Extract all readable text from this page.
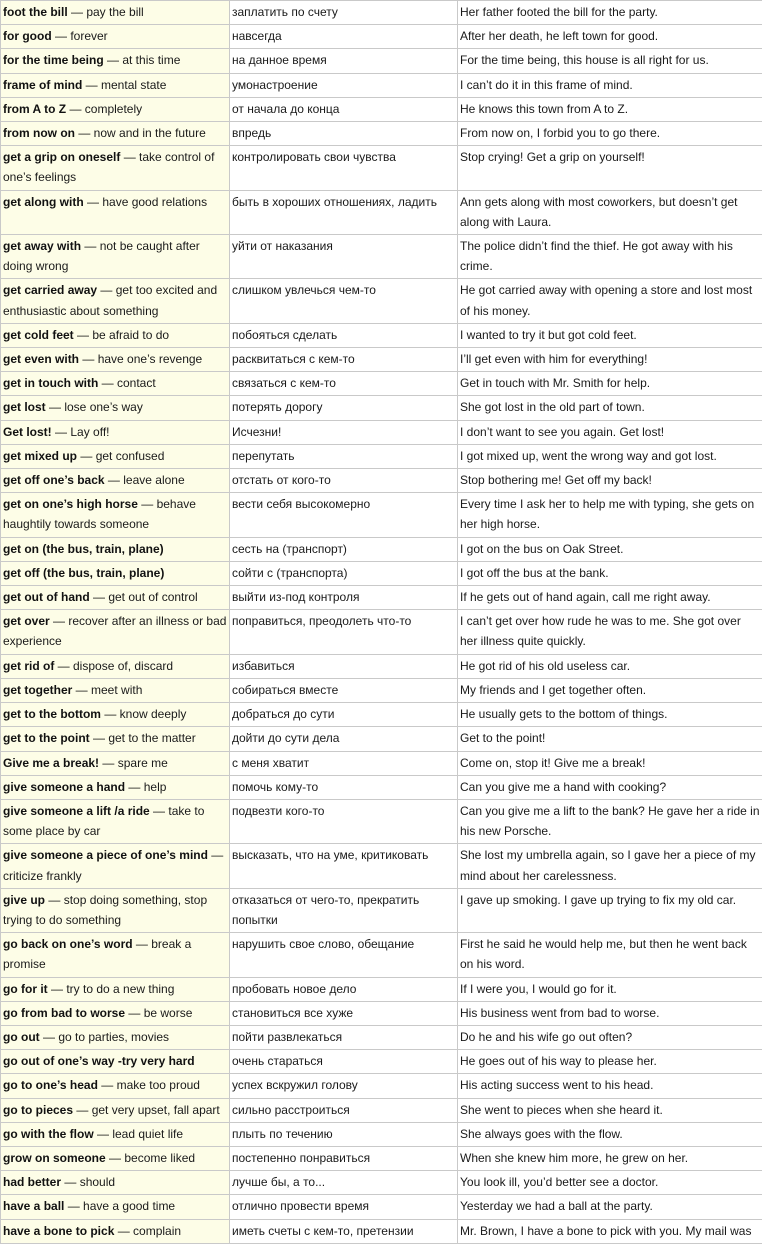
foot the bill — pay the bill	заплатить по счету	Her father footed the bill for the party.
for good — forever	навсегда	After her death, he left town for good.
for the time being — at this time	на данное время	For the time being, this house is all right for us.
frame of mind — mental state	умонастроение	I can’t do it in this frame of mind.
from A to Z — completely	от начала до конца	He knows this town from A to Z.
from now on — now and in the future	впредь	From now on, I forbid you to go there.
get a grip on oneself — take control of one’s feelings	контролировать свои чувства	Stop crying! Get a grip on yourself!
get along with — have good relations	быть в хороших отношениях, ладить	Ann gets along with most coworkers, but doesn’t get along with Laura.
get away with — not be caught after doing wrong	уйти от наказания	The police didn’t find the thief. He got away with his crime.
get carried away — get too excited and enthusiastic about something	слишком увлечься чем-то	He got carried away with opening a store and lost most of his money.
get cold feet — be afraid to do	побояться сделать	I wanted to try it but got cold feet.
get even with — have one’s revenge	расквитаться с кем-то	I’ll get even with him for everything!
get in touch with — contact	связаться с кем-то	Get in touch with Mr. Smith for help.
get lost — lose one’s way	потерять дорогу	She got lost in the old part of town.
Get lost! — Lay off!	Исчезни!	I don’t want to see you again. Get lost!
get mixed up — get confused	перепутать	I got mixed up, went the wrong way and got lost.
get off one’s back — leave alone	отстать от кого-то	Stop bothering me! Get off my back!
get on one’s high horse — behave haughtily towards someone	вести себя высокомерно	Every time I ask her to help me with typing, she gets on her high horse.
get on (the bus, train, plane)	сесть на (транспорт)	I got on the bus on Oak Street.
get off (the bus, train, plane)	сойти с (транспорта)	I got off the bus at the bank.
get out of hand — get out of control	выйти из-под контроля	If he gets out of hand again, call me right away.
get over — recover after an illness or bad experience	поправиться, преодолеть что-то	I can’t get over how rude he was to me. She got over her illness quite quickly.
get rid of — dispose of, discard	избавиться	He got rid of his old useless car.
get together — meet with	собираться вместе	My friends and I get together often.
get to the bottom — know deeply	добраться до сути	He usually gets to the bottom of things.
get to the point — get to the matter	дойти до сути дела	Get to the point!
Give me a break! — spare me	с меня хватит	Come on, stop it! Give me a break!
give someone a hand — help	помочь кому-то	Can you give me a hand with cooking?
give someone a lift /a ride — take to some place by car	подвезти кого-то	Can you give me a lift to the bank? He gave her a ride in his new Porsche.
give someone a piece of one’s mind — criticize frankly	высказать, что на уме, критиковать	She lost my umbrella again, so I gave her a piece of my mind about her carelessness.
give up — stop doing something, stop trying to do something	отказаться от чего-то, прекратить попытки	I gave up smoking. I gave up trying to fix my old car.
go back on one’s word — break a promise	нарушить свое слово, обещание	First he said he would help me, but then he went back on his word.
go for it — try to do a new thing	пробовать новое дело	If I were you, I would go for it.
go from bad to worse — be worse	становиться все хуже	His business went from bad to worse.
go out — go to parties, movies	пойти развлекаться	Do he and his wife go out often?
go out of one’s way -try very hard	очень стараться	He goes out of his way to please her.
go to one’s head — make too proud	успех вскружил голову	His acting success went to his head.
go to pieces — get very upset, fall apart	сильно расстроиться	She went to pieces when she heard it.
go with the flow — lead quiet life	плыть по течению	She always goes with the flow.
grow on someone — become liked	постепенно понравиться	When she knew him more, he grew on her.
had better — should	лучше бы, а то...	You look ill, you’d better see a doctor.
have a ball — have a good time	отлично провести время	Yesterday we had a ball at the party.
have a bone to pick — complain	иметь счеты с кем-то, претензии	Mr. Brown, I have a bone to pick with you. My mail was
